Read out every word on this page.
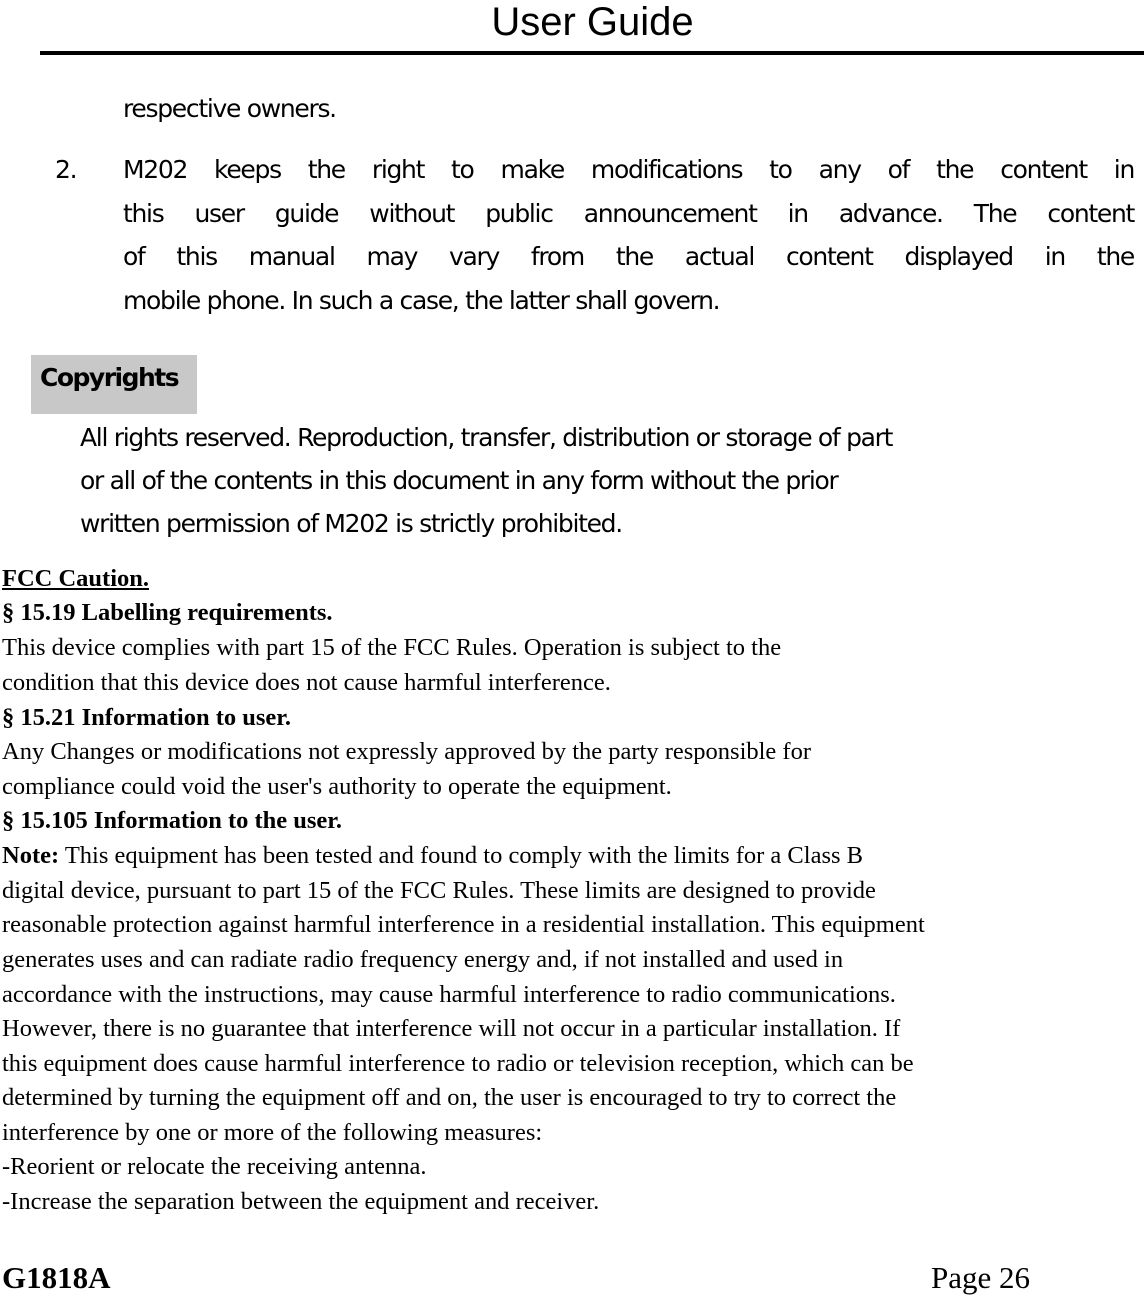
User Guide
respective owners.
2. M202 keeps the right to make modifications to any of the content in
this user guide without public announcement in advance. The content
of this manual may vary from the actual content displayed in the
mobile phone. In such a case, the latter shall govern.
Copyrights
All rights reserved. Reproduction, transfer, distribution or storage of part
or all of the contents in this document in any form without the prior
written permission of M202 is strictly prohibited.
FCC Caution.
§ 15.19 Labelling requirements.
This device complies with part 15 of the FCC Rules. Operation is subject to the
condition that this device does not cause harmful interference.
§ 15.21 Information to user.
Any Changes or modifications not expressly approved by the party responsible for
compliance could void the user's authority to operate the equipment.
§ 15.105 Information to the user.
Note: This equipment has been tested and found to comply with the limits for a Class B
digital device, pursuant to part 15 of the FCC Rules. These limits are designed to provide
reasonable protection against harmful interference in a residential installation. This equipment
generates uses and can radiate radio frequency energy and, if not installed and used in
accordance with the instructions, may cause harmful interference to radio communications.
However, there is no guarantee that interference will not occur in a particular installation. If
this equipment does cause harmful interference to radio or television reception, which can be
determined by turning the equipment off and on, the user is encouraged to try to correct the
interference by one or more of the following measures:
-Reorient or relocate the receiving antenna.
-Increase the separation between the equipment and receiver.
G1818A	Page 26
